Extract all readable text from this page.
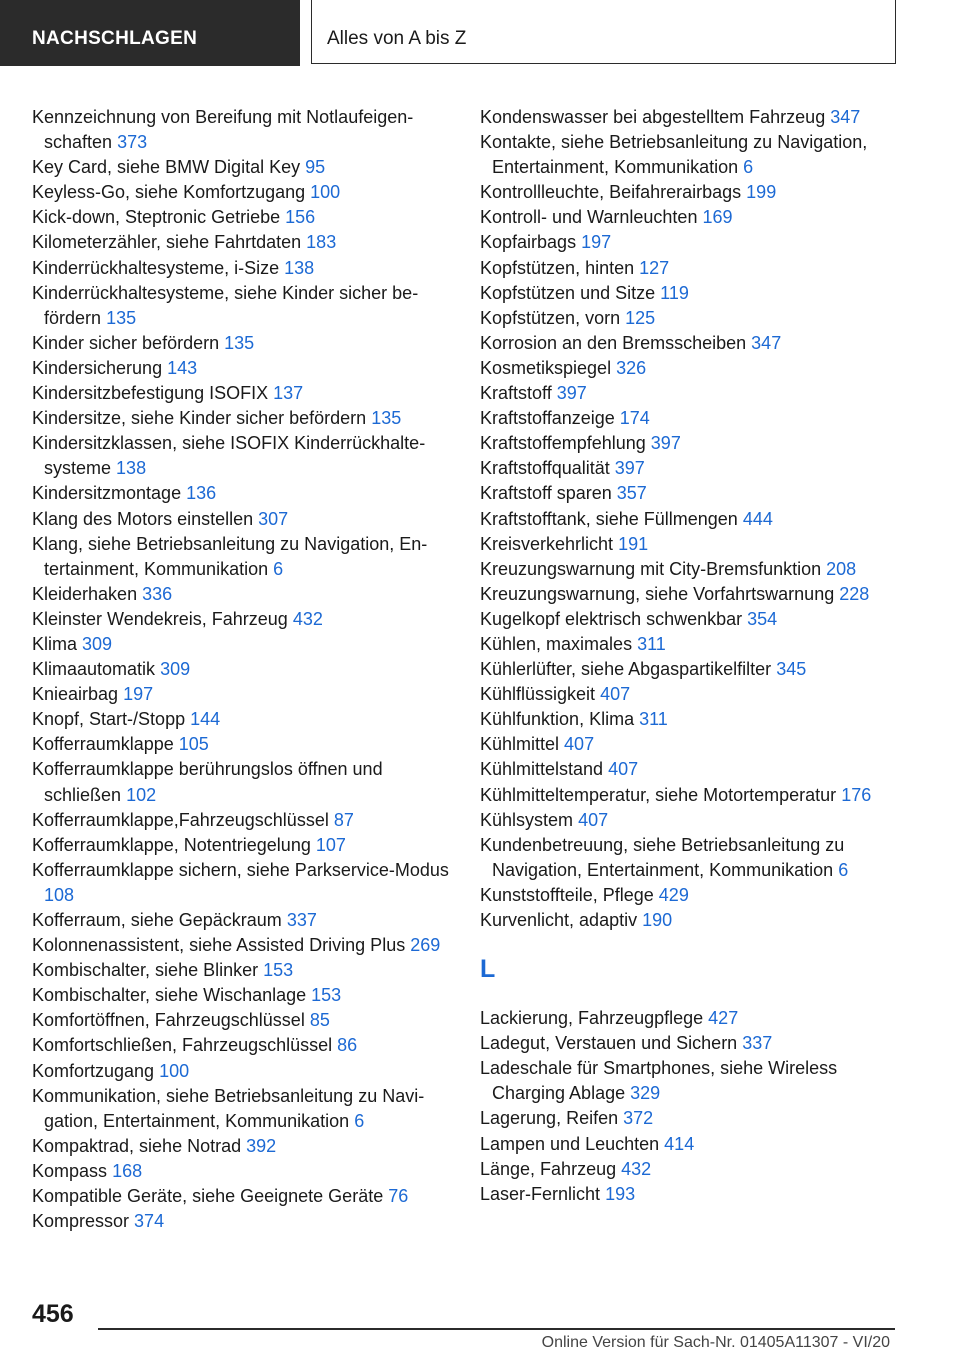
NACHSCHLAGEN	Alles von A bis Z
Kennzeichnung von Bereifung mit Notlaufeigenschaften 373
Key Card, siehe BMW Digital Key 95
Keyless-Go, siehe Komfortzugang 100
Kick-down, Steptronic Getriebe 156
Kilometerzähler, siehe Fahrtdaten 183
Kinderrückhaltesysteme, i-Size 138
Kinderrückhaltesysteme, siehe Kinder sicher befördern 135
Kinder sicher befördern 135
Kindersicherung 143
Kindersitzbefestigung ISOFIX 137
Kindersitze, siehe Kinder sicher befördern 135
Kindersitzklassen, siehe ISOFIX Kinderrückhaltesysteme 138
Kindersitzmontage 136
Klang des Motors einstellen 307
Klang, siehe Betriebsanleitung zu Navigation, Entertainment, Kommunikation 6
Kleiderhaken 336
Kleinster Wendekreis, Fahrzeug 432
Klima 309
Klimaautomatik 309
Knieairbag 197
Knopf, Start-/Stopp 144
Kofferraumklappe 105
Kofferraumklappe berührungslos öffnen und schließen 102
Kofferraumklappe,Fahrzeugschlüssel 87
Kofferraumklappe, Notentriegelung 107
Kofferraumklappe sichern, siehe Parkservice-Modus 108
Kofferraum, siehe Gepäckraum 337
Kolonnenassistent, siehe Assisted Driving Plus 269
Kombischalter, siehe Blinker 153
Kombischalter, siehe Wischanlage 153
Komfortöffnen, Fahrzeugschlüssel 85
Komfortschließen, Fahrzeugschlüssel 86
Komfortzugang 100
Kommunikation, siehe Betriebsanleitung zu Navigation, Entertainment, Kommunikation 6
Kompaktrad, siehe Notrad 392
Kompass 168
Kompatible Geräte, siehe Geeignete Geräte 76
Kompressor 374
Kondenswasser bei abgestelltem Fahrzeug 347
Kontakte, siehe Betriebsanleitung zu Navigation, Entertainment, Kommunikation 6
Kontrollleuchte, Beifahrerairbags 199
Kontroll- und Warnleuchten 169
Kopfairbags 197
Kopfstützen, hinten 127
Kopfstützen und Sitze 119
Kopfstützen, vorn 125
Korrosion an den Bremsscheiben 347
Kosmetikspiegel 326
Kraftstoff 397
Kraftstoffanzeige 174
Kraftstoffempfehlung 397
Kraftstoffqualität 397
Kraftstoff sparen 357
Kraftstofftank, siehe Füllmengen 444
Kreisverkehrlicht 191
Kreuzungswarnung mit City-Bremsfunktion 208
Kreuzungswarnung, siehe Vorfahrtswarnung 228
Kugelkopf elektrisch schwenkbar 354
Kühlen, maximales 311
Kühlerlüfter, siehe Abgaspartikelfilter 345
Kühlflüssigkeit 407
Kühlfunktion, Klima 311
Kühlmittel 407
Kühlmittelstand 407
Kühlmitteltemperatur, siehe Motortemperatur 176
Kühlsystem 407
Kundenbetreuung, siehe Betriebsanleitung zu Navigation, Entertainment, Kommunikation 6
Kunststoffteile, Pflege 429
Kurvenlicht, adaptiv 190
L
Lackierung, Fahrzeugpflege 427
Ladegut, Verstauen und Sichern 337
Ladeschale für Smartphones, siehe Wireless Charging Ablage 329
Lagerung, Reifen 372
Lampen und Leuchten 414
Länge, Fahrzeug 432
Laser-Fernlicht 193
456
Online Version für Sach-Nr. 01405A11307 - VI/20
